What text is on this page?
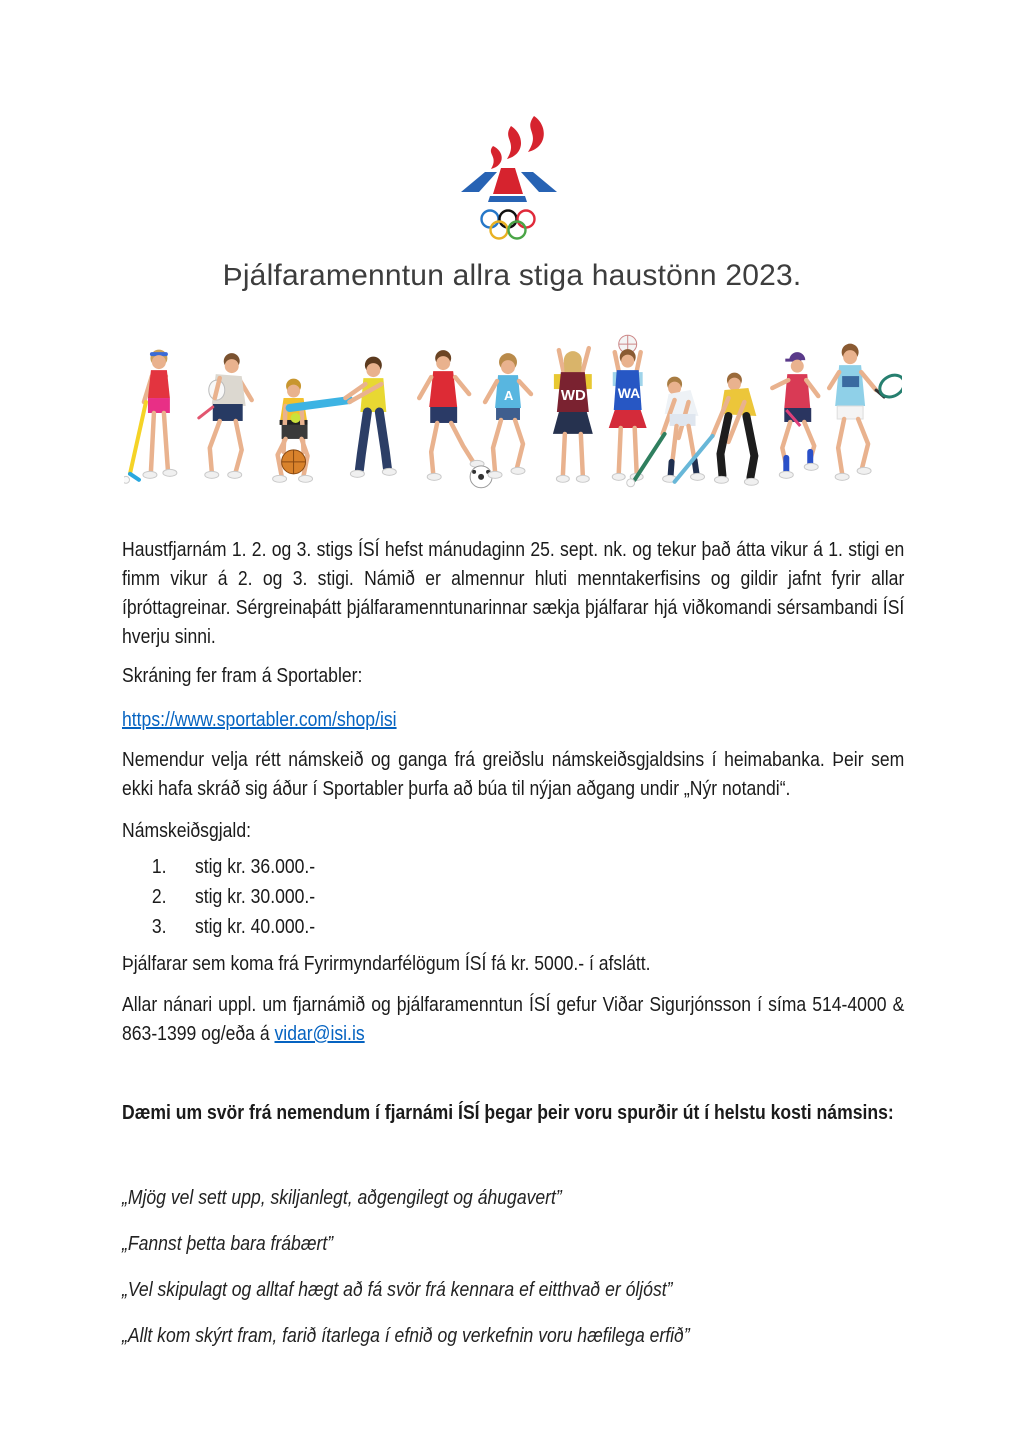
Þjálfaramenntun allra stiga haustönn 2023.
A	WD WA

Haustfjarnám 1. 2. og 3. stigs ÍSÍ hefst mánudaginn 25. sept. nk. og tekur það átta vikur á 1. stigi en fimm vikur á 2. og 3. stigi. Námið er almennur hluti menntakerfisins og gildir jafnt fyrir allar íþróttagreinar. Sérgreinaþátt þjálfaramenntunarinnar sækja þjálfarar hjá viðkomandi sérsambandi ÍSÍ hverju sinni.

Skráning fer fram á Sportabler:

https://www.sportabler.com/shop/isi

Nemendur velja rétt námskeið og ganga frá greiðslu námskeiðsgjaldsins í heimabanka. Þeir sem ekki hafa skráð sig áður í Sportabler þurfa að búa til nýjan aðgang undir „Nýr notandi“.

Námskeiðsgjald:

1.	stig kr. 36.000.-
2.	stig kr. 30.000.-
3.	stig kr. 40.000.-

Þjálfarar sem koma frá Fyrirmyndarfélögum ÍSÍ fá kr. 5000.- í afslátt.

Allar nánari uppl. um fjarnámið og þjálfaramenntun ÍSÍ gefur Viðar Sigurjónsson í síma 514-4000 & 863-1399 og/eða á vidar@isi.is

Dæmi um svör frá nemendum í fjarnámi ÍSÍ þegar þeir voru spurðir út í helstu kosti námsins:

„Mjög vel sett upp, skiljanlegt, aðgengilegt og áhugavert”

„Fannst þetta bara frábært”

„Vel skipulagt og alltaf hægt að fá svör frá kennara ef eitthvað er óljóst”

„Allt kom skýrt fram, farið ítarlega í efnið og verkefnin voru hæfilega erfið”
